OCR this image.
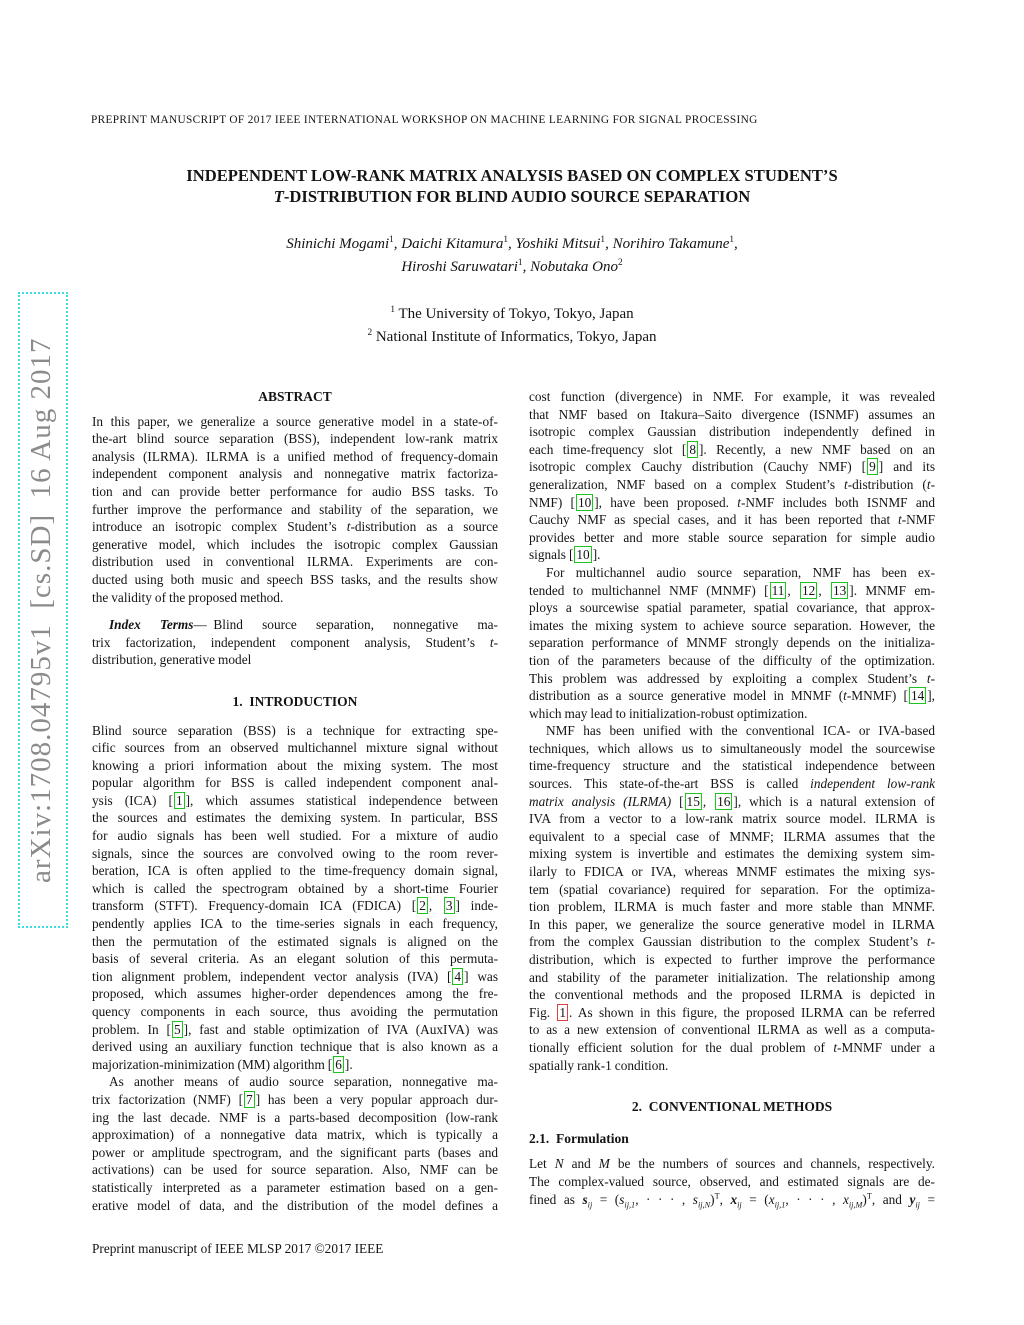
arXiv:1708.04795v1 [cs.SD] 16 Aug 2017
PREPRINT MANUSCRIPT OF 2017 IEEE INTERNATIONAL WORKSHOP ON MACHINE LEARNING FOR SIGNAL PROCESSING
INDEPENDENT LOW-RANK MATRIX ANALYSIS BASED ON COMPLEX STUDENT’S
T-DISTRIBUTION FOR BLIND AUDIO SOURCE SEPARATION
Shinichi Mogami$^1$, Daichi Kitamura$^1$, Yoshiki Mitsui$^1$, Norihiro Takamune$^1$,
Hiroshi Saruwatari$^1$, Nobutaka Ono$^2$
$^1$ The University of Tokyo, Tokyo, Japan
$^2$ National Institute of Informatics, Tokyo, Japan
ABSTRACT
In this paper, we generalize a source generative model in a state-of-
the-art blind source separation (BSS), independent low-rank matrix
analysis (ILRMA). ILRMA is a unified method of frequency-domain
independent component analysis and nonnegative matrix factoriza-
tion and can provide better performance for audio BSS tasks. To
further improve the performance and stability of the separation, we
introduce an isotropic complex Student’s t-distribution as a source
generative model, which includes the isotropic complex Gaussian
distribution used in conventional ILRMA. Experiments are con-
ducted using both music and speech BSS tasks, and the results show
the validity of the proposed method.
Index Terms— Blind source separation, nonnegative ma-
trix factorization, independent component analysis, Student’s t-
distribution, generative model
1. INTRODUCTION
Blind source separation (BSS) is a technique for extracting spe-
cific sources from an observed multichannel mixture signal without
knowing a priori information about the mixing system. The most
popular algorithm for BSS is called independent component anal-
ysis (ICA) [ 1 ], which assumes statistical independence between
the sources and estimates the demixing system. In particular, BSS
for audio signals has been well studied. For a mixture of audio
signals, since the sources are convolved owing to the room rever-
beration, ICA is often applied to the time-frequency domain signal,
which is called the spectrogram obtained by a short-time Fourier
transform (STFT). Frequency-domain ICA (FDICA) [ 2 , 3 ] inde-
pendently applies ICA to the time-series signals in each frequency,
then the permutation of the estimated signals is aligned on the
basis of several criteria. As an elegant solution of this permuta-
tion alignment problem, independent vector analysis (IVA) [ 4 ] was
proposed, which assumes higher-order dependences among the fre-
quency components in each source, thus avoiding the permutation
problem. In [ 5 ], fast and stable optimization of IVA (AuxIVA) was
derived using an auxiliary function technique that is also known as a
majorization-minimization (MM) algorithm [ 6 ].
As another means of audio source separation, nonnegative ma-
trix factorization (NMF) [ 7 ] has been a very popular approach dur-
ing the last decade. NMF is a parts-based decomposition (low-rank
approximation) of a nonnegative data matrix, which is typically a
power or amplitude spectrogram, and the significant parts (bases and
activations) can be used for source separation. Also, NMF can be
statistically interpreted as a parameter estimation based on a gen-
erative model of data, and the distribution of the model defines a
cost function (divergence) in NMF. For example, it was revealed
that NMF based on Itakura–Saito divergence (ISNMF) assumes an
isotropic complex Gaussian distribution independently defined in
each time-frequency slot [ 8 ]. Recently, a new NMF based on an
isotropic complex Cauchy distribution (Cauchy NMF) [ 9 ] and its
generalization, NMF based on a complex Student’s t-distribution (t-
NMF) [ 10 ], have been proposed. t-NMF includes both ISNMF and
Cauchy NMF as special cases, and it has been reported that t-NMF
provides better and more stable source separation for simple audio
signals [ 10 ].
For multichannel audio source separation, NMF has been ex-
tended to multichannel NMF (MNMF) [ 11 , 12 , 13 ]. MNMF em-
ploys a sourcewise spatial parameter, spatial covariance, that approx-
imates the mixing system to achieve source separation. However, the
separation performance of MNMF strongly depends on the initializa-
tion of the parameters because of the difficulty of the optimization.
This problem was addressed by exploiting a complex Student’s t-
distribution as a source generative model in MNMF (t-MNMF) [ 14 ],
which may lead to initialization-robust optimization.
NMF has been unified with the conventional ICA- or IVA-based
techniques, which allows us to simultaneously model the sourcewise
time-frequency structure and the statistical independence between
sources. This state-of-the-art BSS is called independent low-rank
matrix analysis (ILRMA) [ 15 , 16 ], which is a natural extension of
IVA from a vector to a low-rank matrix source model. ILRMA is
equivalent to a special case of MNMF; ILRMA assumes that the
mixing system is invertible and estimates the demixing system sim-
ilarly to FDICA or IVA, whereas MNMF estimates the mixing sys-
tem (spatial covariance) required for separation. For the optimiza-
tion problem, ILRMA is much faster and more stable than MNMF.
In this paper, we generalize the source generative model in ILRMA
from the complex Gaussian distribution to the complex Student’s t-
distribution, which is expected to further improve the performance
and stability of the parameter initialization. The relationship among
the conventional methods and the proposed ILRMA is depicted in
Fig. 1 . As shown in this figure, the proposed ILRMA can be referred
to as a new extension of conventional ILRMA as well as a computa-
tionally efficient solution for the dual problem of t-MNMF under a
spatially rank-1 condition.
2. CONVENTIONAL METHODS
2.1. Formulation
Let N and M be the numbers of sources and channels, respectively.
The complex-valued source, observed, and estimated signals are de-
fined as $s_{ij} = (s_{ij,1}$, · · · , $s_{ij,N})^T$, $x_{ij} = (x_{ij,1}$, · · · , $x_{ij,M})^T$, and $y_{ij}$ =
Preprint manuscript of IEEE MLSP 2017 ©2017 IEEE
